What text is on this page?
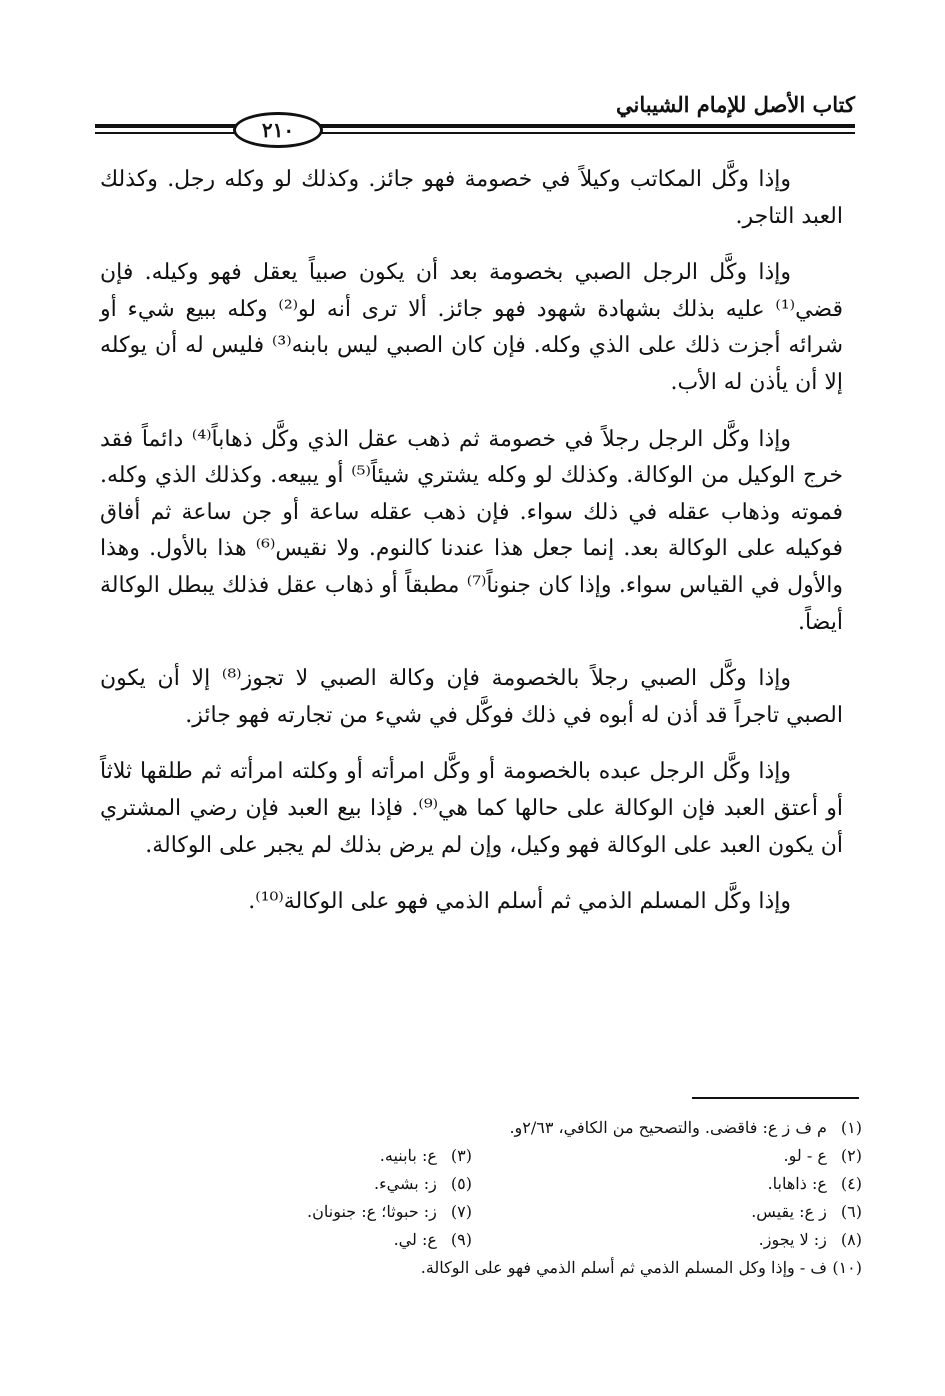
كتاب الأصل للإمام الشيباني
٢١٠

وإذا وكَّل المكاتب وكيلاً في خصومة فهو جائز. وكذلك لو وكله رجل. وكذلك العبد التاجر.

وإذا وكَّل الرجل الصبي بخصومة بعد أن يكون صبياً يعقل فهو وكيله. فإن قضي⁽¹⁾ عليه بذلك بشهادة شهود فهو جائز. ألا ترى أنه لو⁽²⁾ وكله ببيع شيء أو شرائه أجزت ذلك على الذي وكله. فإن كان الصبي ليس بابنه⁽³⁾ فليس له أن يوكله إلا أن يأذن له الأب.

وإذا وكَّل الرجل رجلاً في خصومة ثم ذهب عقل الذي وكَّل ذهاباً⁽⁴⁾ دائماً فقد خرج الوكيل من الوكالة. وكذلك لو وكله يشتري شيئاً⁽⁵⁾ أو يبيعه. وكذلك الذي وكله. فموته وذهاب عقله في ذلك سواء. فإن ذهب عقله ساعة أو جن ساعة ثم أفاق فوكيله على الوكالة بعد. إنما جعل هذا عندنا كالنوم. ولا نقيس⁽⁶⁾ هذا بالأول. وهذا والأول في القياس سواء. وإذا كان جنوناً⁽⁷⁾ مطبقاً أو ذهاب عقل فذلك يبطل الوكالة أيضاً.

وإذا وكَّل الصبي رجلاً بالخصومة فإن وكالة الصبي لا تجوز⁽⁸⁾ إلا أن يكون الصبي تاجراً قد أذن له أبوه في ذلك فوكَّل في شيء من تجارته فهو جائز.

وإذا وكَّل الرجل عبده بالخصومة أو وكَّل امرأته أو وكلته امرأته ثم طلقها ثلاثاً أو أعتق العبد فإن الوكالة على حالها كما هي⁽⁹⁾. فإذا بيع العبد فإن رضي المشتري أن يكون العبد على الوكالة فهو وكيل، وإن لم يرض بذلك لم يجبر على الوكالة.

وإذا وكَّل المسلم الذمي ثم أسلم الذمي فهو على الوكالة⁽¹⁰⁾.

(١) م ف ز ع: فاقضى. والتصحيح من الكافي، ٢/٦٣و.
(٢) ع - لو.
(٣) ع: بابنيه.
(٤) ع: ذاهابا.
(٥) ز: بشيء.
(٦) ز ع: يقيس.
(٧) ز: حبوثا؛ ع: جنونان.
(٨) ز: لا يجوز.
(٩) ع: لي.
(١٠) ف - وإذا وكل المسلم الذمي ثم أسلم الذمي فهو على الوكالة.
